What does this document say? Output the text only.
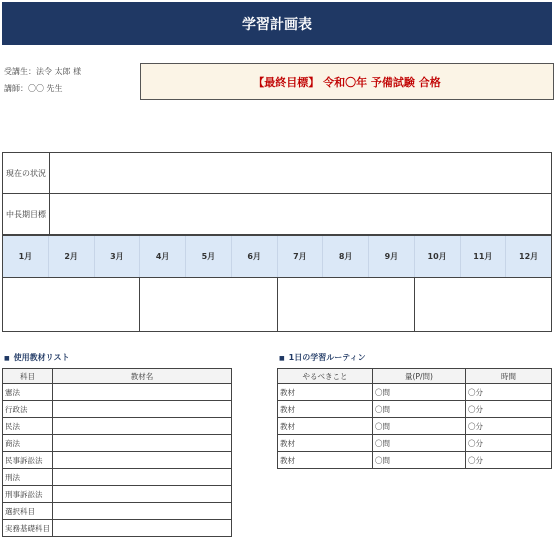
学習計画表
受講生：法令 太郎 様
講師：〇〇 先生	【最終目標】 令和〇年 予備試験 合格
現在の状況	
中長期目標	
1月	2月	3月	4月	5月	6月	7月	8月	9月	10月	11月	12月
■ 使用教材リスト	■ 1日の学習ルーティン
科目	教材名
憲法	
行政法	
民法	
商法	
民事訴訟法	
刑法	
刑事訴訟法	
選択科目	
実務基礎科目	
やるべきこと	量(P/問)	時間
教材	〇問	〇分
教材	〇問	〇分
教材	〇問	〇分
教材	〇問	〇分
教材	〇問	〇分
